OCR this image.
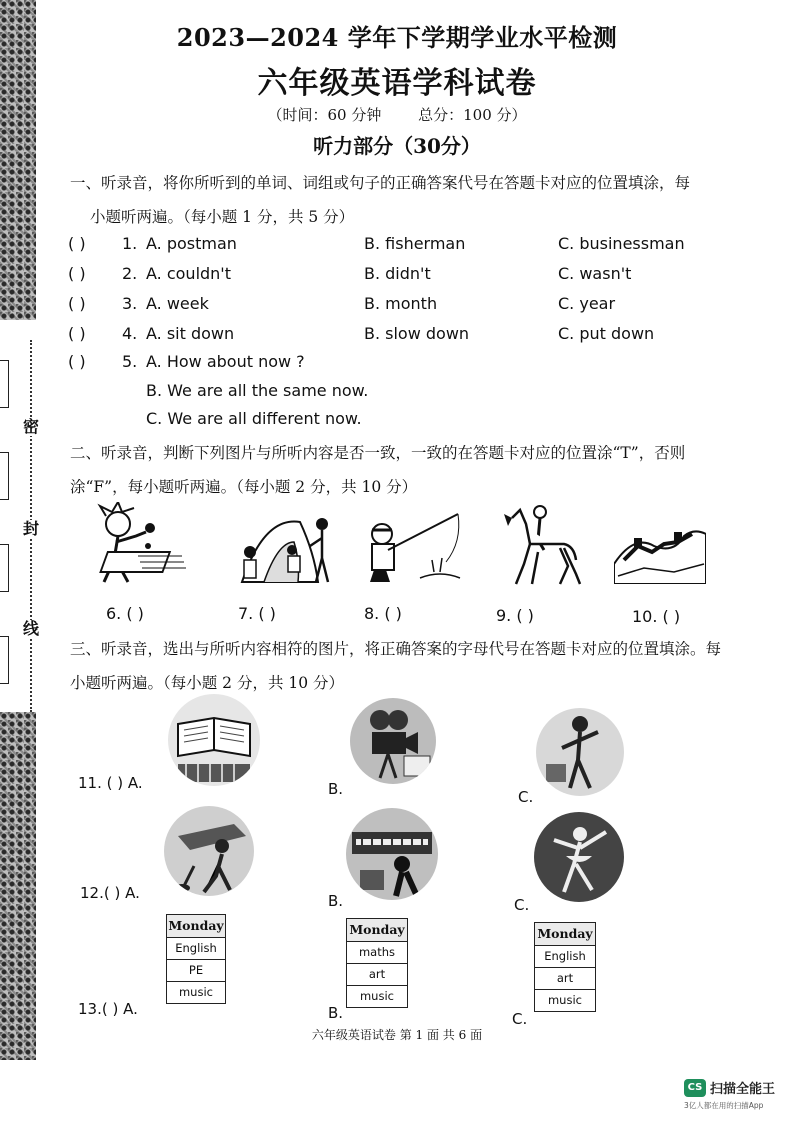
密
封
线
2023—2024 学年下学期学业水平检测
六年级英语学科试卷
（时间：60 分钟 总分：100 分）
听力部分（30分）
一、听录音，将你所听到的单词、词组或句子的正确答案代号在答题卡对应的位置填涂，每
小题听两遍。（每小题 1 分，共 5 分）
( ) 1. A. postman	B. fisherman	C. businessman
( ) 2. A. couldn't	B. didn't	C. wasn't
( ) 3. A. week	B. month	C. year
( ) 4. A. sit down	B. slow down	C. put down
( ) 5. A. How about now ?
B. We are all the same now.
C. We are all different now.
二、听录音，判断下列图片与所听内容是否一致，一致的在答题卡对应的位置涂“T”，否则
涂“F”，每小题听两遍。（每小题 2 分，共 10 分）
6. ( )	7. ( )	8. ( )	9. ( )	10. ( )
三、听录音，选出与所听内容相符的图片，将正确答案的字母代号在答题卡对应的位置填涂。每
小题听两遍。（每小题 2 分，共 10 分）
11. ( ) A.	B.	C.
12.( ) A.	B.	C.
Monday
English
PE
music
Monday
maths
art
music
Monday
English
art
music
13.( ) A.	B.	C.
六年级英语试卷 第 1 面 共 6 面
CS 扫描全能王
3亿人都在用的扫描App
